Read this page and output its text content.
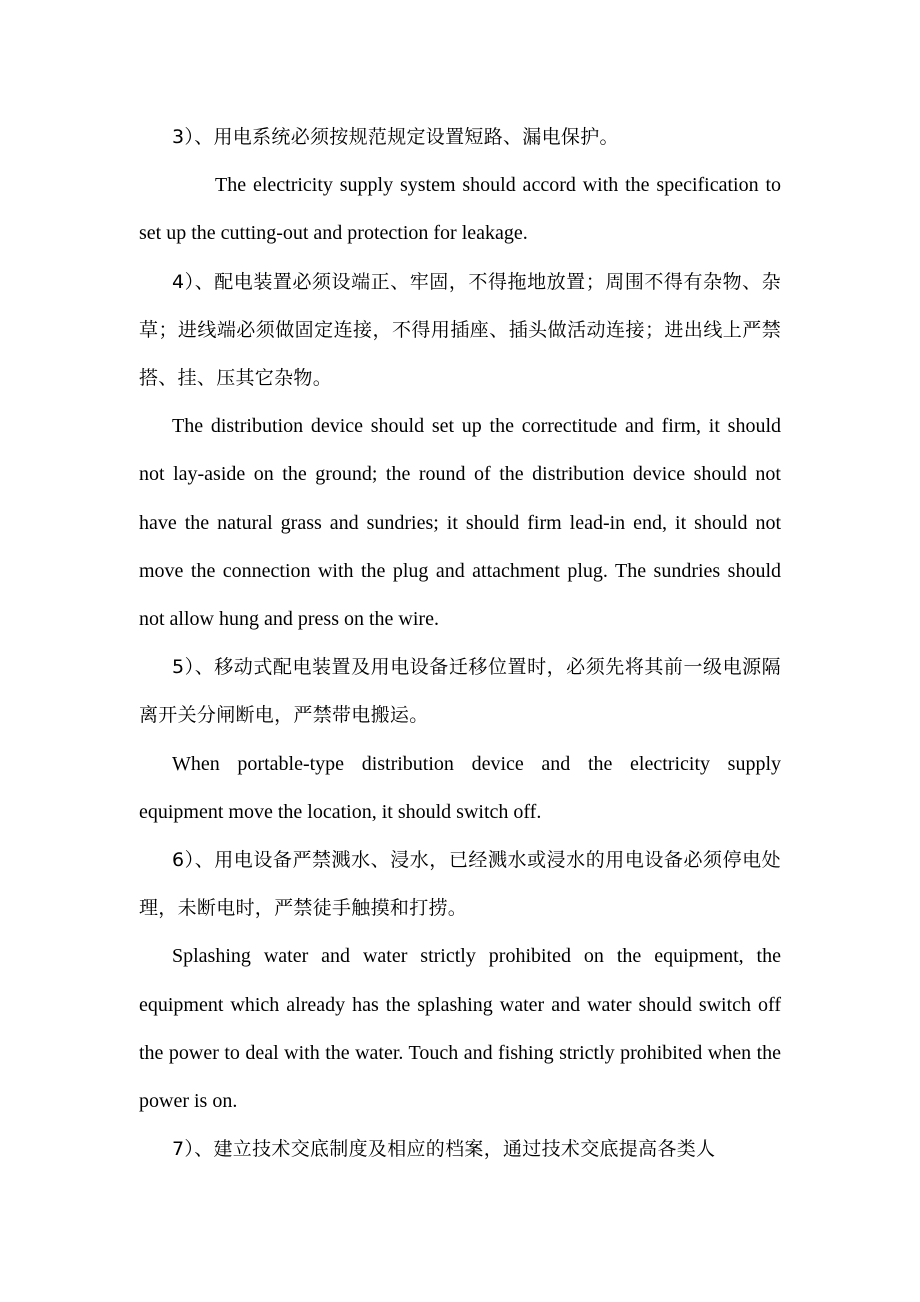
3）、用电系统必须按规范规定设置短路、漏电保护。

The electricity supply system should accord with the specification to set up the cutting-out and protection for leakage.

4）、配电装置必须设端正、牢固，不得拖地放置；周围不得有杂物、杂草；进线端必须做固定连接，不得用插座、插头做活动连接；进出线上严禁搭、挂、压其它杂物。

The distribution device should set up the correctitude and firm, it should not lay-aside on the ground; the round of the distribution device should not have the natural grass and sundries; it should firm lead-in end, it should not move the connection with the plug and attachment plug. The sundries should not allow hung and press on the wire.

5）、移动式配电装置及用电设备迁移位置时，必须先将其前一级电源隔离开关分闸断电，严禁带电搬运。

When portable-type distribution device and the electricity supply equipment move the location, it should switch off.

6）、用电设备严禁溅水、浸水，已经溅水或浸水的用电设备必须停电处理，未断电时，严禁徒手触摸和打捞。

Splashing water and water strictly prohibited on the equipment, the equipment which already has the splashing water and water should switch off the power to deal with the water. Touch and fishing strictly prohibited when the power is on.

7）、建立技术交底制度及相应的档案，通过技术交底提高各类人
